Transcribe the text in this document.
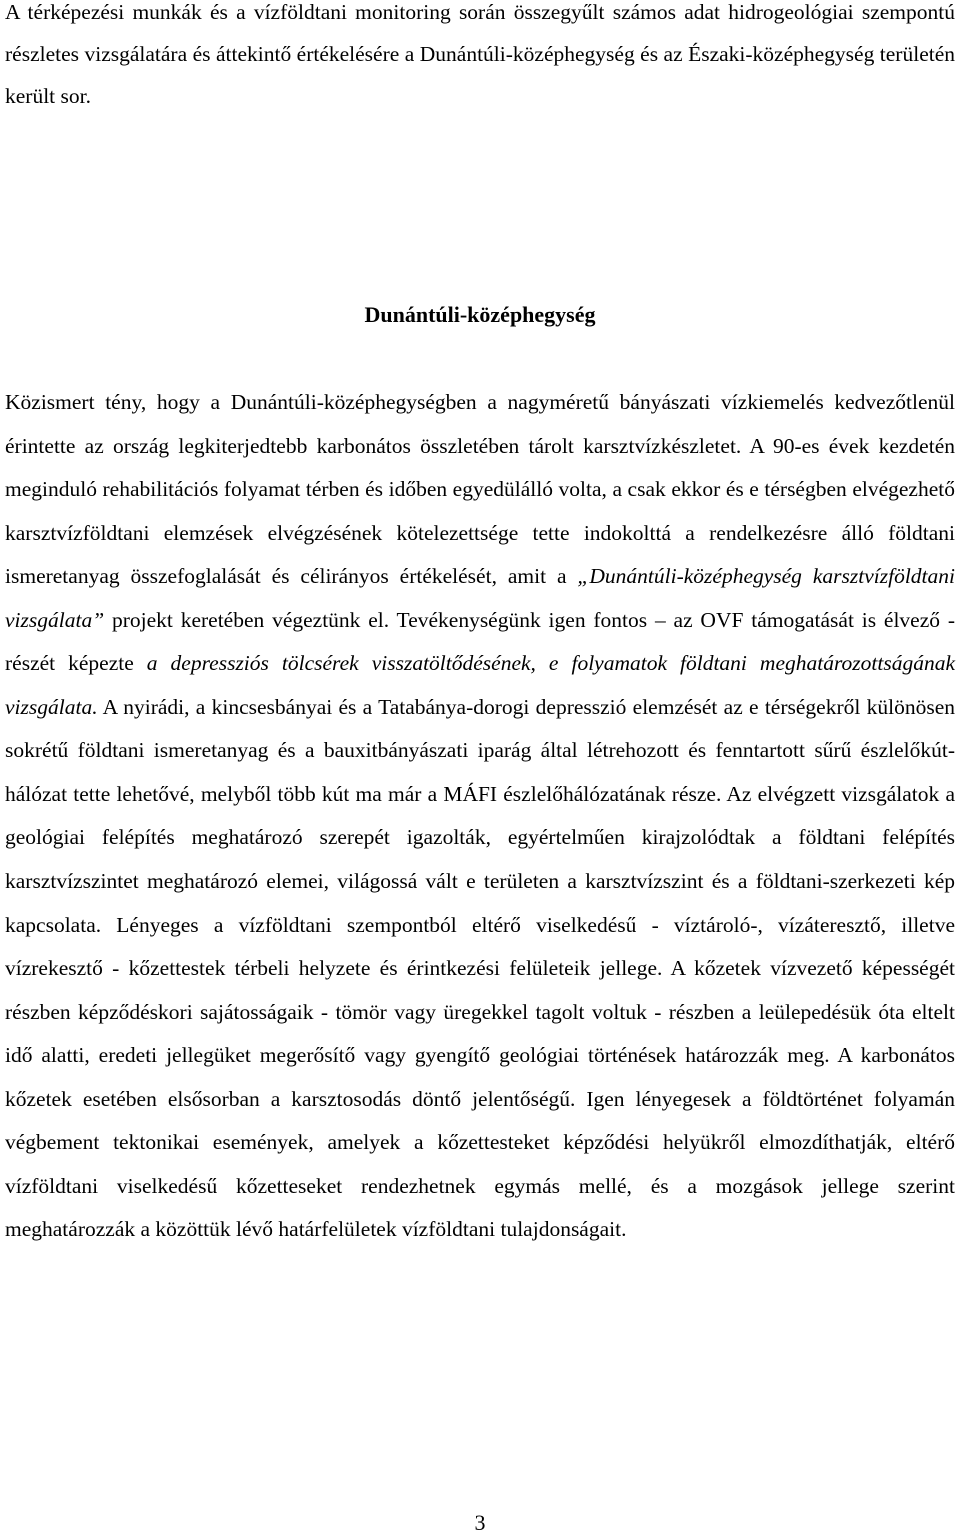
A térképezési munkák és a vízföldtani monitoring során összegyűlt számos adat hidrogeológiai szempontú részletes vizsgálatára és áttekintő értékelésére a Dunántúli-középhegység és az Északi-középhegység területén került sor.

Dunántúli-középhegység

Közismert tény, hogy a Dunántúli-középhegységben a nagyméretű bányászati vízkiemelés kedvezőtlenül érintette az ország legkiterjedtebb karbonátos összletében tárolt karsztvízkészletet. A 90-es évek kezdetén meginduló rehabilitációs folyamat térben és időben egyedülálló volta, a csak ekkor és e térségben elvégezhető karsztvízföldtani elemzések elvégzésének kötelezettsége tette indokolttá a rendelkezésre álló földtani ismeretanyag összefoglalását és célirányos értékelését, amit a „Dunántúli-középhegység karsztvízföldtani vizsgálata” projekt keretében végeztünk el. Tevékenységünk igen fontos – az OVF támogatását is élvező - részét képezte a depressziós tölcsérek visszatöltődésének, e folyamatok földtani meghatározottságának vizsgálata. A nyirádi, a kincsesbányai és a Tatabánya-dorogi depresszió elemzését az e térségekről különösen sokrétű földtani ismeretanyag és a bauxitbányászati iparág által létrehozott és fenntartott sűrű észlelőkút-hálózat tette lehetővé, melyből több kút ma már a MÁFI észlelőhálózatának része. Az elvégzett vizsgálatok a geológiai felépítés meghatározó szerepét igazolták, egyértelműen kirajzolódtak a földtani felépítés karsztvízszintet meghatározó elemei, világossá vált e területen a karsztvízszint és a földtani-szerkezeti kép kapcsolata. Lényeges a vízföldtani szempontból eltérő viselkedésű - víztároló-, vízáteresztő, illetve vízrekesztő - kőzettestek térbeli helyzete és érintkezési felületeik jellege. A kőzetek vízvezető képességét részben képződéskori sajátosságaik - tömör vagy üregekkel tagolt voltuk - részben a leülepedésük óta eltelt idő alatti, eredeti jellegüket megerősítő vagy gyengítő geológiai történések határozzák meg. A karbonátos kőzetek esetében elsősorban a karsztosodás döntő jelentőségű. Igen lényegesek a földtörténet folyamán végbement tektonikai események, amelyek a kőzettesteket képződési helyükről elmozdíthatják, eltérő vízföldtani viselkedésű kőzetteseket rendezhetnek egymás mellé, és a mozgások jellege szerint meghatározzák a közöttük lévő határfelületek vízföldtani tulajdonságait.

3
